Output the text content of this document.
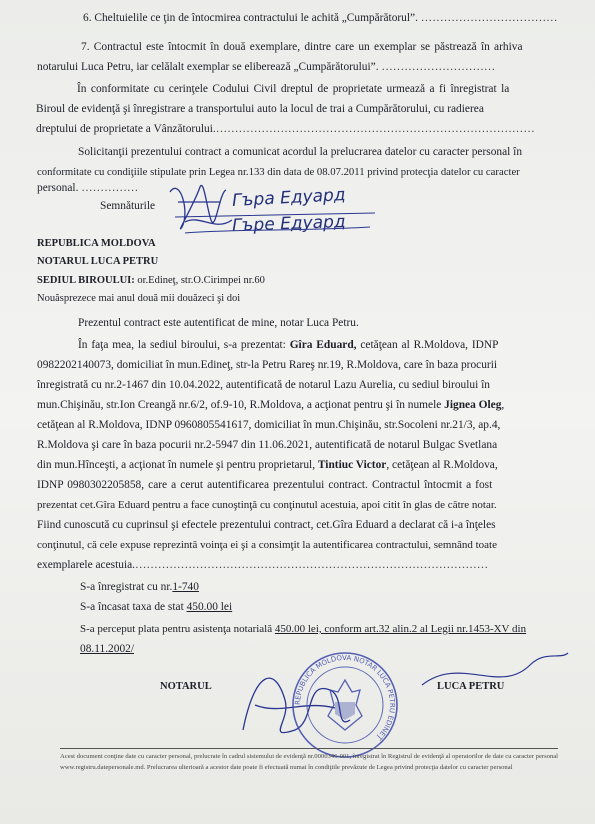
6. Cheltuielile ce ţin de întocmirea contractului le achită „Cumpărătorul”. ………………………………
7. Contractul este întocmit în două exemplare, dintre care un exemplar se păstrează în arhiva
notarului Luca Petru, iar celălalt exemplar se eliberează „Cumpărătorului”. …………………………
În conformitate cu cerinţele Codului Civil dreptul de proprietate urmează a fi înregistrat la
Biroul de evidenţă şi înregistrare a transportului auto la locul de trai a Cumpărătorului, cu radierea
dreptului de proprietate a Vânzătorului.…………………………………………………………………………
Solicitanţii prezentului contract a comunicat acordul la prelucrarea datelor cu caracter personal în
conformitate cu condiţiile stipulate prin Legea nr.133 din data de 08.07.2011 privind protecţia datelor cu caracter
personal. ……………
Semnăturile	Гъра Едуард
Гъре Едуард
REPUBLICA MOLDOVA
NOTARUL LUCA PETRU
SEDIUL BIROULUI: or.Edineţ, str.O.Cirimpei nr.60
Nouăsprezece mai anul două mii douăzeci şi doi
Prezentul contract este autentificat de mine, notar Luca Petru.
În faţa mea, la sediul biroului, s-a prezentat: Gîra Eduard, cetăţean al R.Moldova, IDNP
0982202140073, domiciliat în mun.Edineţ, str-la Petru Rareş nr.19, R.Moldova, care în baza procurii
înregistrată cu nr.2-1467 din 10.04.2022, autentificată de notarul Lazu Aurelia, cu sediul biroului în
mun.Chişinău, str.Ion Creangă nr.6/2, of.9-10, R.Moldova, a acţionat pentru şi în numele Jignea Oleg,
cetăţean al R.Moldova, IDNP 0960805541617, domiciliat în mun.Chişinău, str.Socoleni nr.21/3, ap.4,
R.Moldova şi care în baza pocurii nr.2-5947 din 11.06.2021, autentificată de notarul Bulgac Svetlana
din mun.Hînceşti, a acţionat în numele şi pentru proprietarul, Tintiuc Victor, cetăţean al R.Moldova,
IDNP 0980302205858, care a cerut autentificarea prezentului contract. Contractul întocmit a fost
prezentat cet.Gîra Eduard pentru a face cunoştinţă cu conţinutul acestuia, apoi citit în glas de către notar.
Fiind cunoscută cu cuprinsul şi efectele prezentului contract, cet.Gîra Eduard a declarat că i-a înţeles
conţinutul, că cele expuse reprezintă voinţa ei şi a consimţit la autentificarea contractului, semnând toate
exemplarele acestuia.…………………………………………………………………………………
S-a înregistrat cu nr.1-740
S-a încasat taxa de stat 450.00 lei
S-a perceput plata pentru asistenţa notarială 450.00 lei, conform art.32 alin.2 al Legii nr.1453-XV din
08.11.2002/
NOTARUL	LUCA PETRU
REPUBLICA MOLDOVA NOTAR LUCA PETRU EDINEŢ
Acest document conţine date cu caracter personal, prelucrate în cadrul sistemului de evidenţă nr.0000346-001, înregistrat în Registrul de evidenţă al operatorilor de date cu caracter personal
www.registru.datepersonale.md. Prelucrarea ulterioară a acestor date poate fi efectuată numai în condiţiile prevăzute de Legea privind protecţia datelor cu caracter personal
